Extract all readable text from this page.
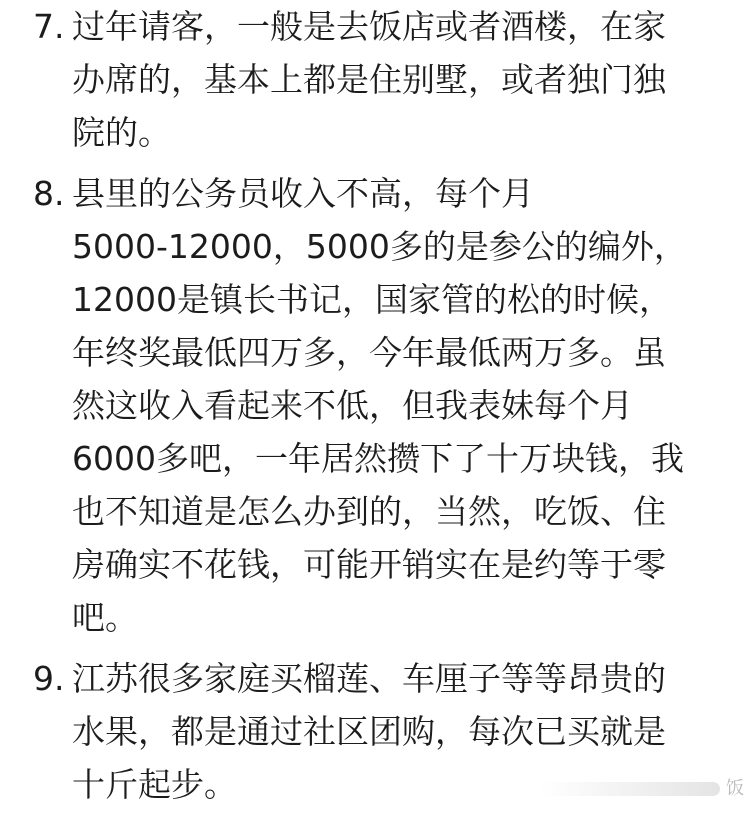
7. 过年请客，一般是去饭店或者酒楼，在家
办席的，基本上都是住别墅，或者独门独
院的。
8. 县里的公务员收入不高，每个月
5000-12000，5000多的是参公的编外，
12000是镇长书记，国家管的松的时候，
年终奖最低四万多，今年最低两万多。虽
然这收入看起来不低，但我表妹每个月
6000多吧，一年居然攒下了十万块钱，我
也不知道是怎么办到的，当然，吃饭、住
房确实不花钱，可能开销实在是约等于零
吧。
9. 江苏很多家庭买榴莲、车厘子等等昂贵的
水果，都是通过社区团购，每次已买就是
十斤起步。	饭
